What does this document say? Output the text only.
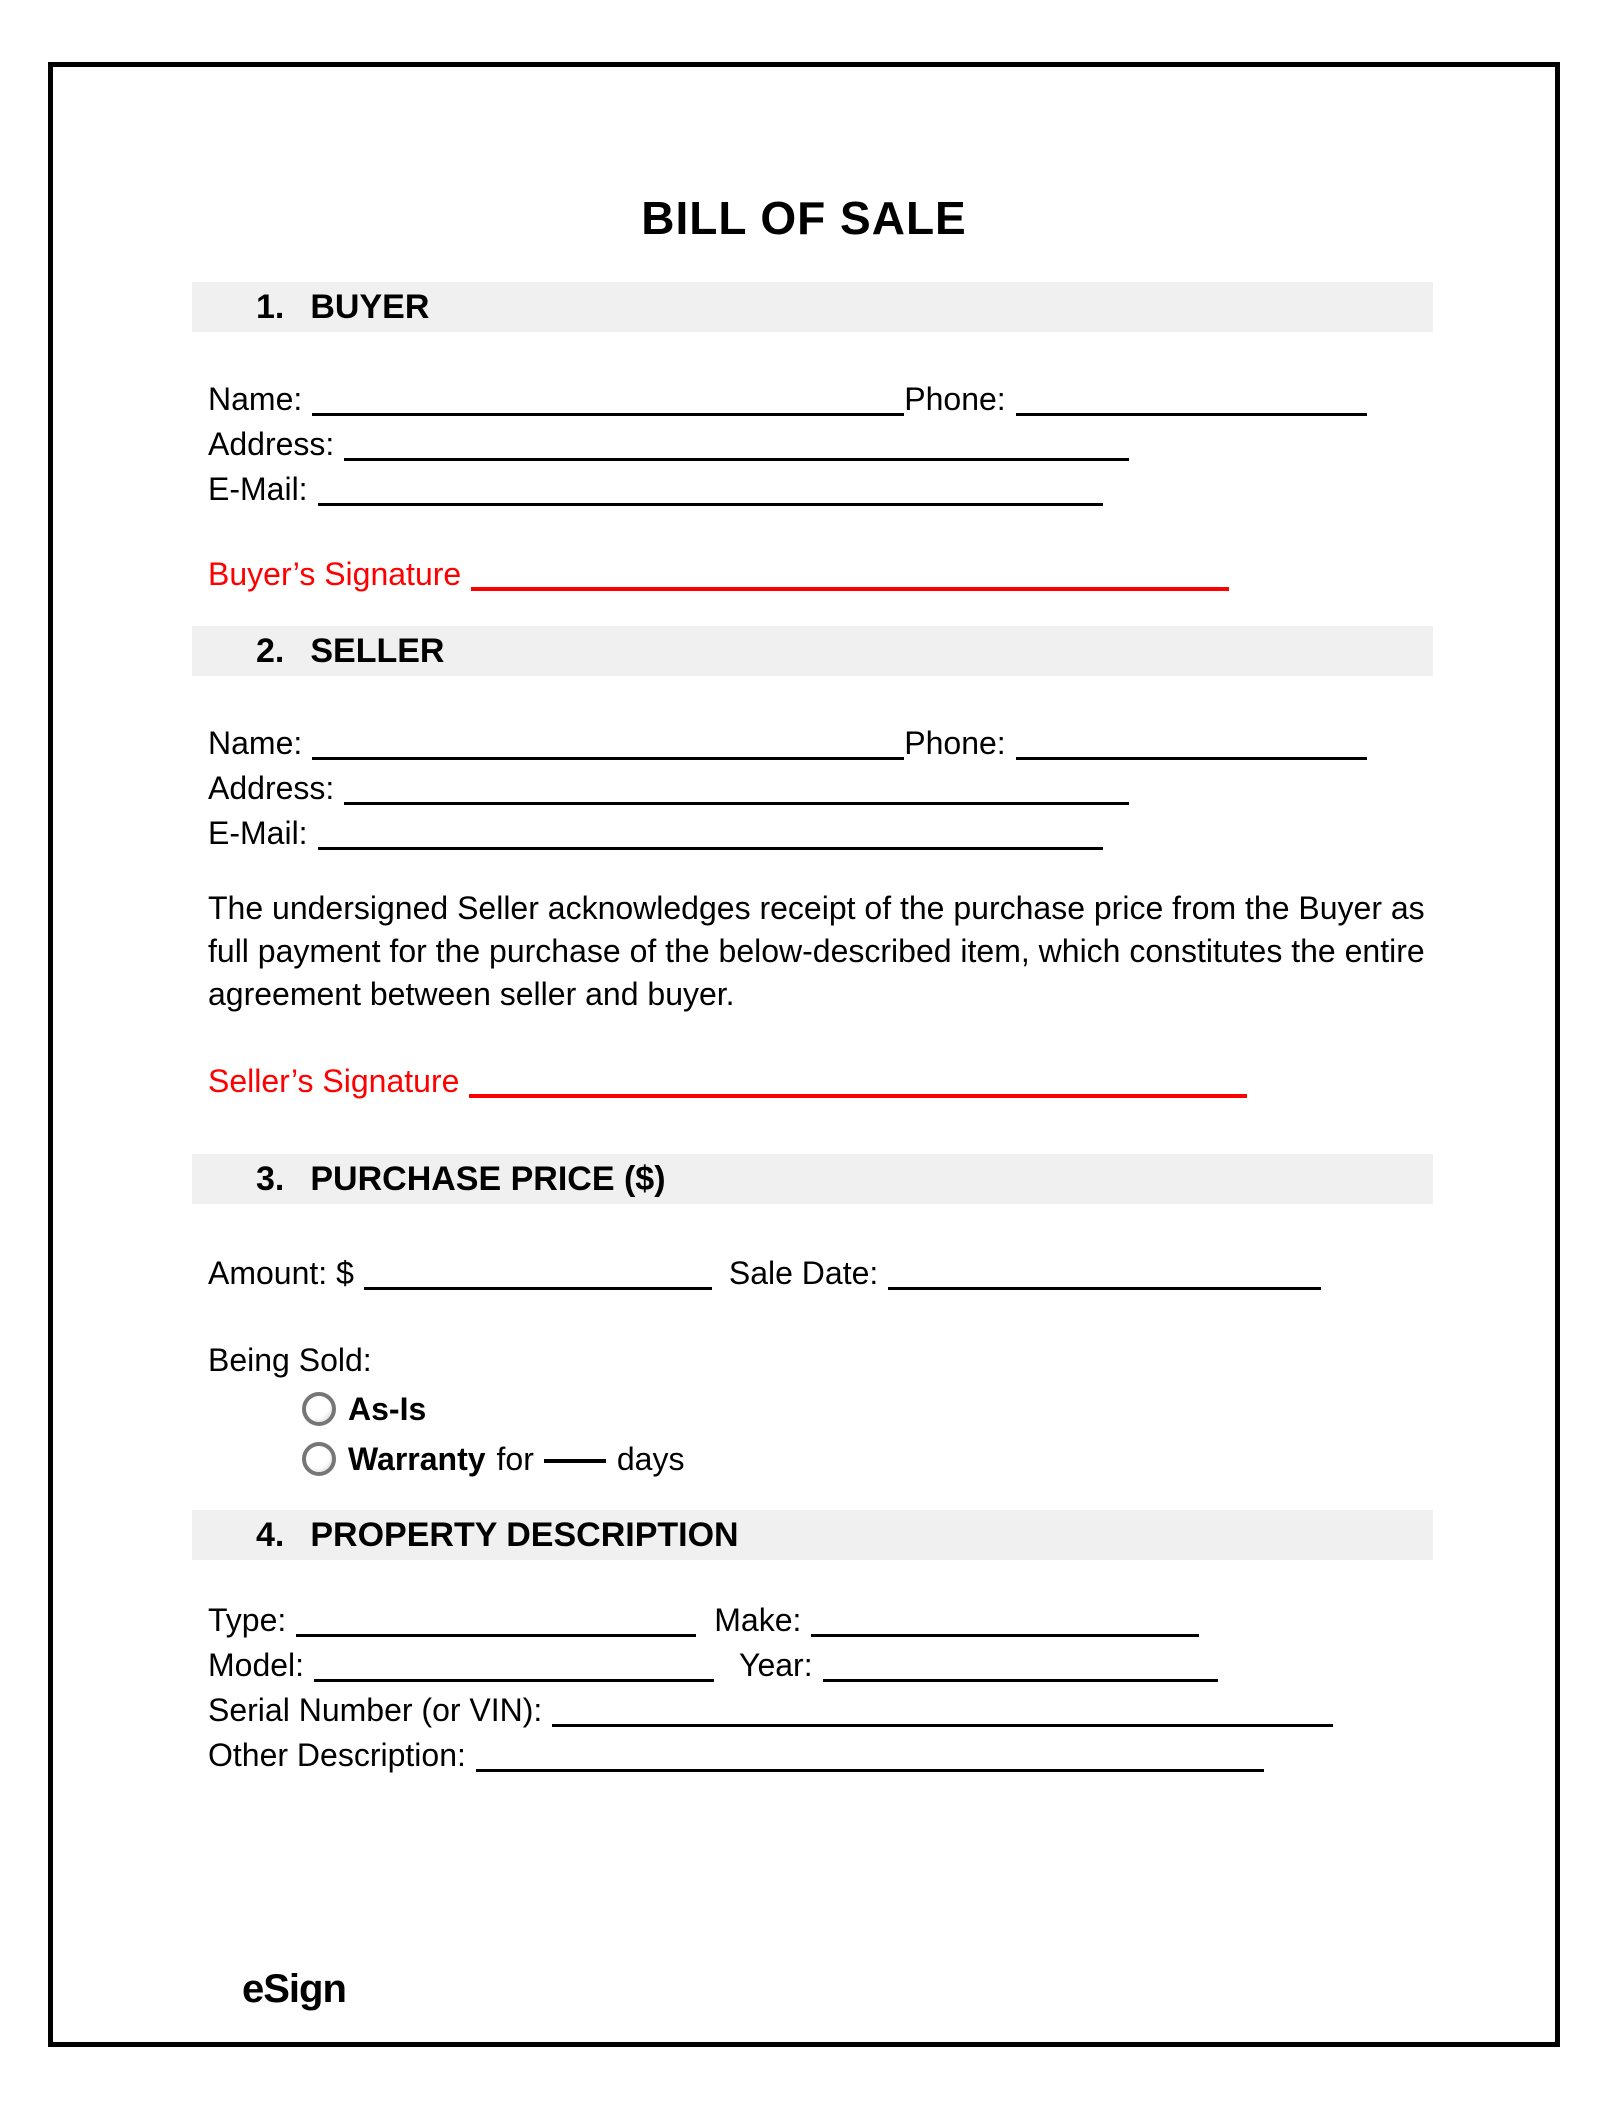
BILL OF SALE
1. BUYER
Name:	Phone:
Address:
E-Mail:
Buyer’s Signature
2. SELLER
Name:	Phone:
Address:
E-Mail:

The undersigned Seller acknowledges receipt of the purchase price from the Buyer as full payment for the purchase of the below-described item, which constitutes the entire agreement between seller and buyer.

Seller’s Signature
3. PURCHASE PRICE ($)
Amount: $	Sale Date:
Being Sold:
As-Is
Warranty for	days
4. PROPERTY DESCRIPTION
Type:	Make:
Model:	Year:
Serial Number (or VIN):
Other Description:
eSign
